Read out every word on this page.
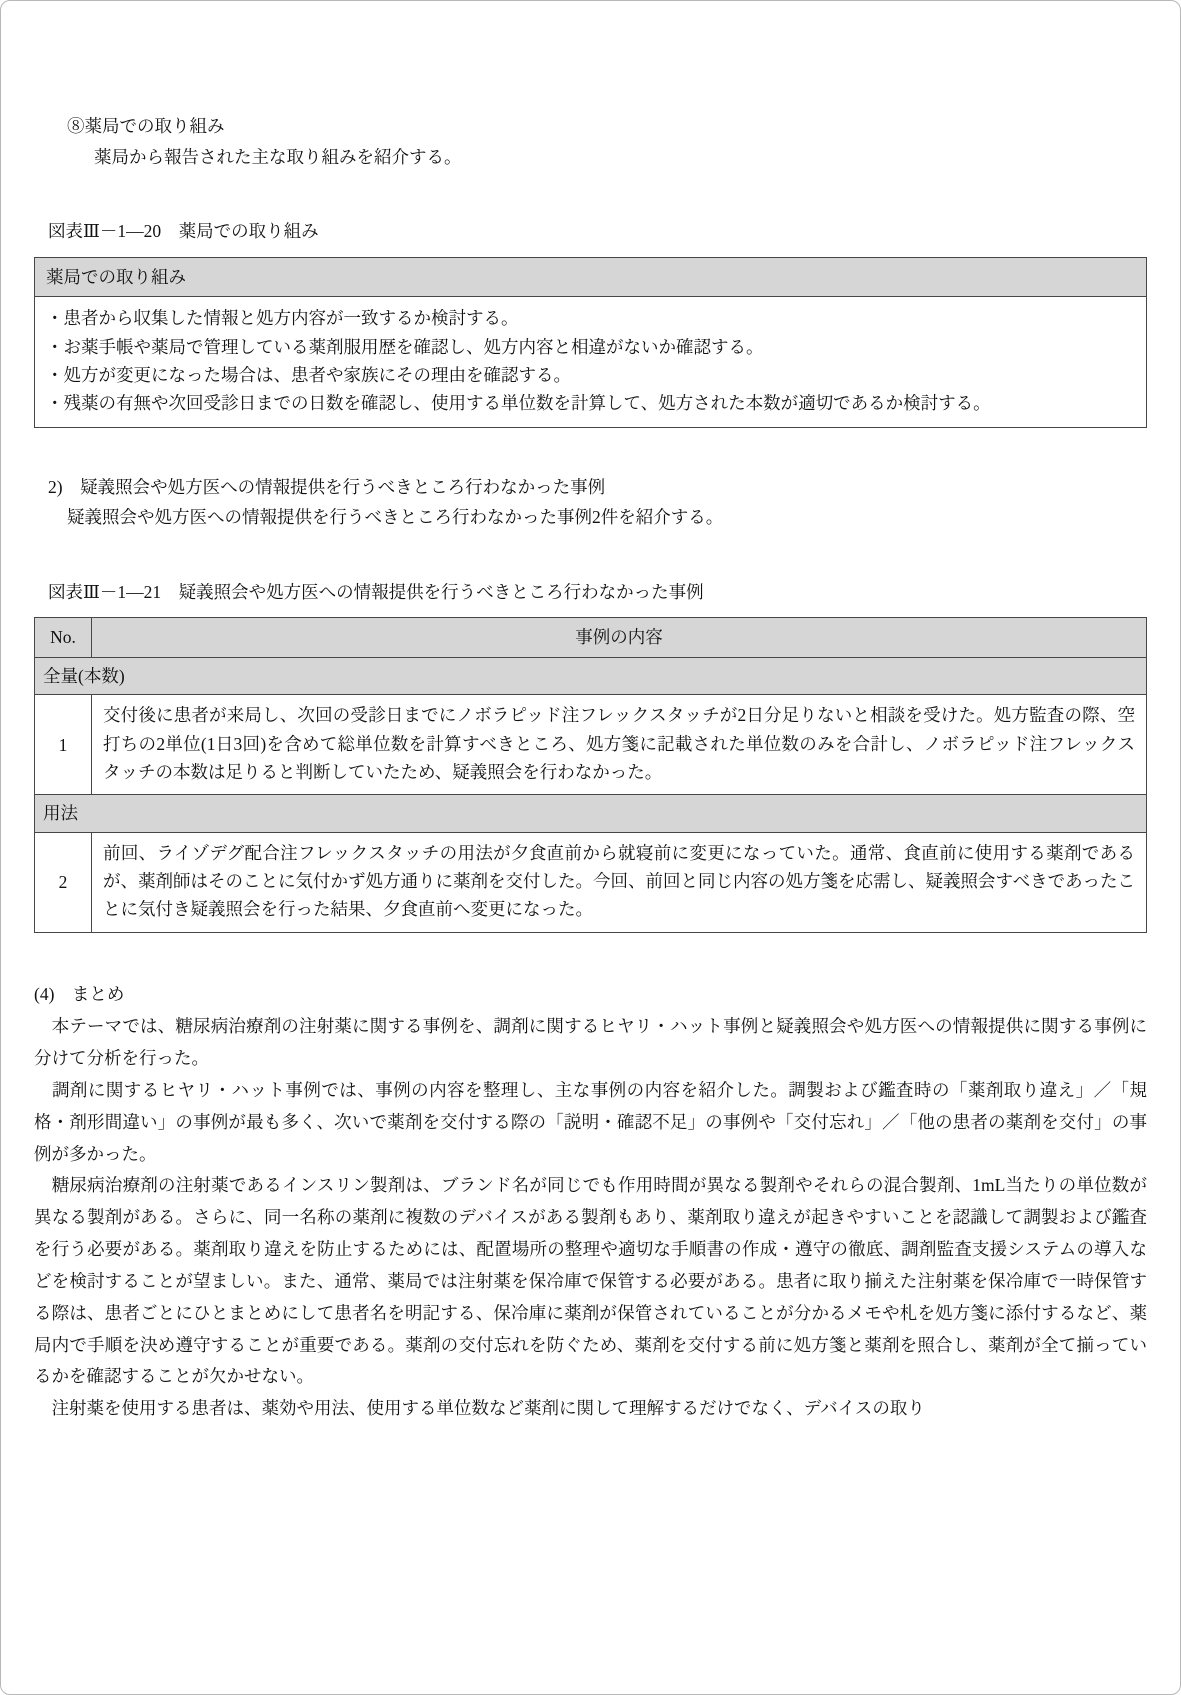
⑧薬局での取り組み

薬局から報告された主な取り組みを紹介する。

図表Ⅲ－1—20　薬局での取り組み

薬局での取り組み

・患者から収集した情報と処方内容が一致するか検討する。
・お薬手帳や薬局で管理している薬剤服用歴を確認し、処方内容と相違がないか確認する。
・処方が変更になった場合は、患者や家族にその理由を確認する。
・残薬の有無や次回受診日までの日数を確認し、使用する単位数を計算して、処方された本数が適切であるか検討する。
2)　疑義照会や処方医への情報提供を行うべきところ行わなかった事例

疑義照会や処方医への情報提供を行うべきところ行わなかった事例2件を紹介する。

図表Ⅲ－1—21　疑義照会や処方医への情報提供を行うべきところ行わなかった事例

No.	事例の内容
全量(本数)	
1	交付後に患者が来局し、次回の受診日までにノボラピッド注フレックスタッチが2日分足りないと相談を受けた。処方監査の際、空打ちの2単位(1日3回)を含めて総単位数を計算すべきところ、処方箋に記載された単位数のみを合計し、ノボラピッド注フレックスタッチの本数は足りると判断していたため、疑義照会を行わなかった。
用法	
2	前回、ライゾデグ配合注フレックスタッチの用法が夕食直前から就寝前に変更になっていた。通常、食直前に使用する薬剤であるが、薬剤師はそのことに気付かず処方通りに薬剤を交付した。今回、前回と同じ内容の処方箋を応需し、疑義照会すべきであったことに気付き疑義照会を行った結果、夕食直前へ変更になった。
(4)　まとめ

　本テーマでは、糖尿病治療剤の注射薬に関する事例を、調剤に関するヒヤリ・ハット事例と疑義照会や処方医への情報提供に関する事例に分けて分析を行った。

　調剤に関するヒヤリ・ハット事例では、事例の内容を整理し、主な事例の内容を紹介した。調製および鑑査時の「薬剤取り違え」／「規格・剤形間違い」の事例が最も多く、次いで薬剤を交付する際の「説明・確認不足」の事例や「交付忘れ」／「他の患者の薬剤を交付」の事例が多かった。

　糖尿病治療剤の注射薬であるインスリン製剤は、ブランド名が同じでも作用時間が異なる製剤やそれらの混合製剤、1mL当たりの単位数が異なる製剤がある。さらに、同一名称の薬剤に複数のデバイスがある製剤もあり、薬剤取り違えが起きやすいことを認識して調製および鑑査を行う必要がある。薬剤取り違えを防止するためには、配置場所の整理や適切な手順書の作成・遵守の徹底、調剤監査支援システムの導入などを検討することが望ましい。また、通常、薬局では注射薬を保冷庫で保管する必要がある。患者に取り揃えた注射薬を保冷庫で一時保管する際は、患者ごとにひとまとめにして患者名を明記する、保冷庫に薬剤が保管されていることが分かるメモや札を処方箋に添付するなど、薬局内で手順を決め遵守することが重要である。薬剤の交付忘れを防ぐため、薬剤を交付する前に処方箋と薬剤を照合し、薬剤が全て揃っているかを確認することが欠かせない。

　注射薬を使用する患者は、薬効や用法、使用する単位数など薬剤に関して理解するだけでなく、デバイスの取り
